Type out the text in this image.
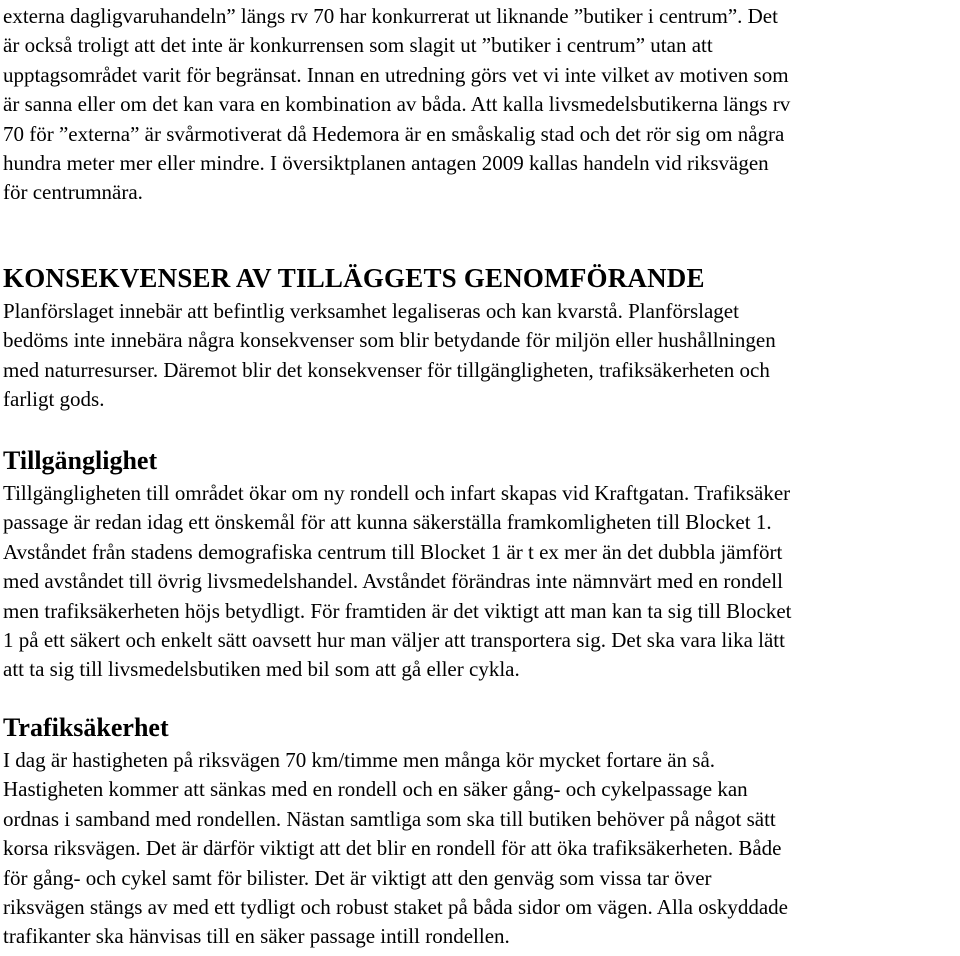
externa dagligvaruhandeln” längs rv 70 har konkurrerat ut liknande ”butiker i centrum”. Det
är också troligt att det inte är konkurrensen som slagit ut ”butiker i centrum” utan att
upptagsområdet varit för begränsat. Innan en utredning görs vet vi inte vilket av motiven som
är sanna eller om det kan vara en kombination av båda. Att kalla livsmedelsbutikerna längs rv
70 för ”externa” är svårmotiverat då Hedemora är en småskalig stad och det rör sig om några
hundra meter mer eller mindre. I översiktplanen antagen 2009 kallas handeln vid riksvägen
för centrumnära.

KONSEKVENSER AV TILLÄGGETS GENOMFÖRANDE

Planförslaget innebär att befintlig verksamhet legaliseras och kan kvarstå. Planförslaget
bedöms inte innebära några konsekvenser som blir betydande för miljön eller hushållningen
med naturresurser. Däremot blir det konsekvenser för tillgängligheten, trafiksäkerheten och
farligt gods.

Tillgänglighet

Tillgängligheten till området ökar om ny rondell och infart skapas vid Kraftgatan. Trafiksäker
passage är redan idag ett önskemål för att kunna säkerställa framkomligheten till Blocket 1.
Avståndet från stadens demografiska centrum till Blocket 1 är t ex mer än det dubbla jämfört
med avståndet till övrig livsmedelshandel. Avståndet förändras inte nämnvärt med en rondell
men trafiksäkerheten höjs betydligt. För framtiden är det viktigt att man kan ta sig till Blocket
1 på ett säkert och enkelt sätt oavsett hur man väljer att transportera sig. Det ska vara lika lätt
att ta sig till livsmedelsbutiken med bil som att gå eller cykla.

Trafiksäkerhet

I dag är hastigheten på riksvägen 70 km/timme men många kör mycket fortare än så.
Hastigheten kommer att sänkas med en rondell och en säker gång- och cykelpassage kan
ordnas i samband med rondellen. Nästan samtliga som ska till butiken behöver på något sätt
korsa riksvägen. Det är därför viktigt att det blir en rondell för att öka trafiksäkerheten. Både
för gång- och cykel samt för bilister. Det är viktigt att den genväg som vissa tar över
riksvägen stängs av med ett tydligt och robust staket på båda sidor om vägen. Alla oskyddade
trafikanter ska hänvisas till en säker passage intill rondellen.
